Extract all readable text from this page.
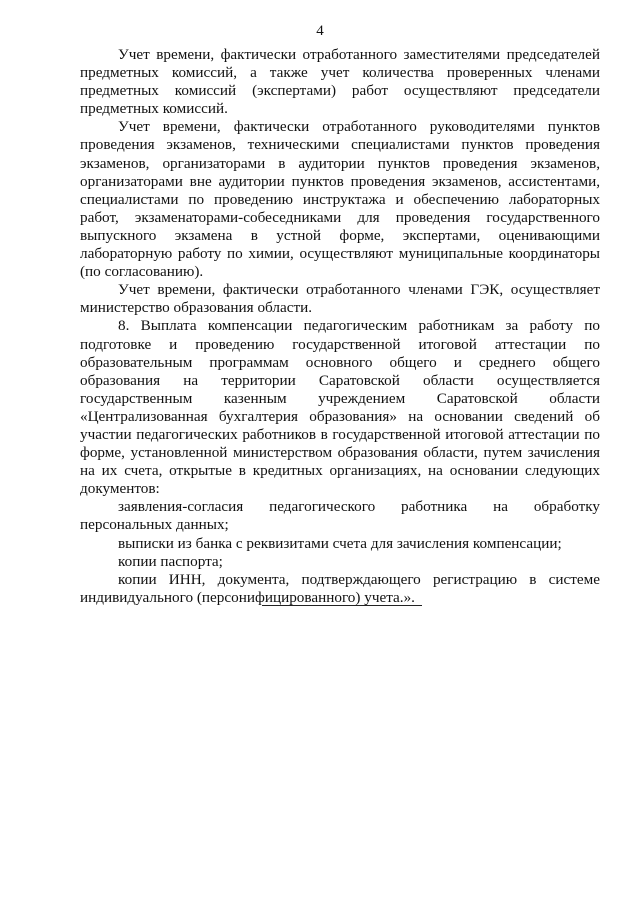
4

Учет времени, фактически отработанного заместителями председателей предметных комиссий, а также учет количества проверенных членами предметных комиссий (экспертами) работ осуществляют председатели предметных комиссий.

Учет времени, фактически отработанного руководителями пунктов проведения экзаменов, техническими специалистами пунктов проведения экзаменов, организаторами в аудитории пунктов проведения экзаменов, организаторами вне аудитории пунктов проведения экзаменов, ассистентами, специалистами по проведению инструктажа и обеспечению лабораторных работ, экзаменаторами-собеседниками для проведения государственного выпускного экзамена в устной форме, экспертами, оценивающими лабораторную работу по химии, осуществляют муниципальные координаторы (по согласованию).

Учет времени, фактически отработанного членами ГЭК, осуществляет министерство образования области.

8. Выплата компенсации педагогическим работникам за работу по подготовке и проведению государственной итоговой аттестации по образовательным программам основного общего и среднего общего образования на территории Саратовской области осуществляется государственным казенным учреждением Саратовской области «Централизованная бухгалтерия образования» на основании сведений об участии педагогических работников в государственной итоговой аттестации по форме, установленной министерством образования области, путем зачисления на их счета, открытые в кредитных организациях, на основании следующих документов:

заявления-согласия педагогического работника на обработку персональных данных;

выписки из банка с реквизитами счета для зачисления компенсации;

копии паспорта;

копии ИНН, документа, подтверждающего регистрацию в системе индивидуального (персонифицированного) учета.».
